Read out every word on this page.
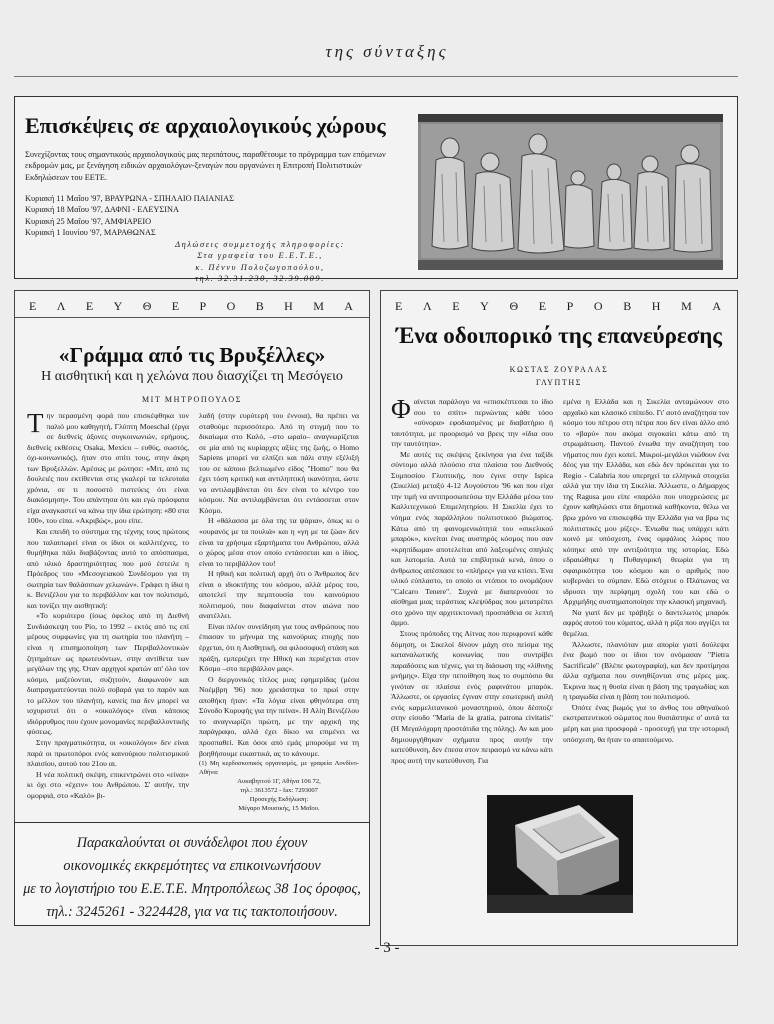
της σύνταξης
Επισκέψεις σε αρχαιολογικούς χώρους

Συνεχίζοντας τους σημαντικούς αρχαιολογικούς μας περιπάτους, παραθέτουμε το πρόγραμμα των επόμενων εκδρομών μας, με ξενάγηση ειδικών αρχαιολόγων-ξεναγών που οργανώνει η Επιτροπή Πολιτιστικών Εκδηλώσεων του ΕΕΤΕ.

Κυριακή 11 Μαΐου '97, ΒΡΑΥΡΩΝΑ - ΣΠΗΛΑΙΟ ΠΑΙΑΝΙΑΣ
Κυριακή 18 Μαΐου '97, ΔΑΦΝΙ - ΕΛΕΥΣΙΝΑ
Κυριακή 25 Μαΐου '97, ΑΜΦΙΑΡΕΙΟ
Κυριακή 1 Ιουνίου '97, ΜΑΡΑΘΩΝΑΣ
Δηλώσεις συμμετοχής πληροφορίες:
Στα γραφεία του Ε.Ε.Τ.Ε.,
κ. Πέννυ Πολυζωγοπούλου,
τηλ. 32.31.230, 32.39.009.
Ε Λ Ε Υ Θ Ε Ρ Ο Β Η Μ Α
«Γράμμα από τις Βρυξέλλες»
Η αισθητική και η χελώνα που διασχίζει τη Μεσόγειο
ΜΙΤ ΜΗΤΡΟΠΟΥΛΟΣ

Την περασμένη φορά που επισκέφθηκα τον παλιό μου καθηγητή, Γλύπτη Moeschal (έργα σε διεθνείς άξονες συγκοινωνιών, ερήμους, διεθνείς εκθέσεις Osaka, Mexico – ευθύς, σωστός, όχι-κοινωνικός), ήταν στο σπίτι τους, στην άκρη των Βρυξελλών. Αμέσως με ρώτησε: «Μιτ, από τις δουλειές που εκτίθενται στις γκαλερί τα τελευταία χρόνια, σε τι ποσοστό πιστεύεις ότι είναι διακόσμηση». Του απάντησα ότι και εγώ πρόσφατα είχα αναγκαστεί να κάνω την ίδια ερώτηση: «80 στα 100», του είπα. «Ακριβώς», μου είπε.

Και επειδή το σύστημα της τέχνης τους πρώτους που ταλαιπωρεί είναι οι ίδιοι οι καλλιτέχνες, το θυμήθηκα πάλι διαβάζοντας αυτό το απόσπασμα, από υλικό δραστηριότητας που μού έστειλε η Πρόεδρος του «Μεσογειακού Συνδέσμου για τη σωτηρία των θαλάσσιων χελωνών». Γράφει η ίδια η κ. Βενιζέλου για το περιβάλλον και τον πολιτισμό, και τονίζει την αισθητική:

«Το κυριότερο (ίσως όφελος από τη Διεθνή Συνδιάσκεψη του Ρίο, το 1992 – εκτός από τις επί μέρους συμφωνίες για τη σωτηρία του πλανήτη – είναι η επισημοποίηση των Περιβαλλοντικών ζητημάτων ως πρωτευόντων, στην αντίθετα των μεγάλων της γης. Όταν αρχηγοί κρατών απ' όλο τον κόσμο, μαζεύονται, συζητούν, διαφωνούν και διαπραγματεύονται πολύ σοβαρά για το παρόν και το μέλλον του πλανήτη, κανείς πια δεν μπορεί να ισχυριστεί ότι ο «οικολόγος» είναι κάποιος ιδιόρρυθμος που έχουν μονομανίες περιβαλλοντικής φύσεως.

Στην πραγματικότητα, οι «οικολόγοι» δεν είναι παρά οι πρωτοπόροι ενός καινούριου πολιτισμικού πλαισίου, αυτού του 21ου αι.

Η νέα πολιτική σκέψη, επικεντρώνει στο «είναι» κι όχι στο «έχειν» του Ανθρώπου. Σ' αυτήν, την ομορφιά, στο «Καλό» βι-

λαδή (στην ευρύτερή του έννοια), θα πρέπει να σταθούμε περισσότερο. Από τη στιγμή που το δικαίωμα στο Καλό, –στο ωραίο– αναγνωρίζεται σε μία από τις κυρίαρχες αξίες της ζωής, ο Homo Sapiens μπορεί να ελπίζει και πάλι στην εξέλιξή του σε κάποιο βελτιωμένο είδος "Homo" που θα έχει τόση κριτική και αντιληπτική ικανότητα, ώστε να αντιλαμβάνεται ότι δεν είναι το κέντρο του κόσμου. Να αντιλαμβάνεται ότι εντάσσεται στον Κόσμο.

Η «θάλασσα με όλα της τα ψάρια», όπως κι ο «ουρανός με τα πουλιά» και η «γη με τα ζώα» δεν είναι τα χρήσιμα εξαρτήματα του Ανθρώπου, αλλά ο χώρος μέσα στον οποίο εντάσσεται και ο ίδιος, είναι το περιβάλλον του!

Η ηθική και πολιτική αρχή ότι ο Άνθρωπος δεν είναι ο ιδιοκτήτης του κόσμου, αλλά μέρος του, αποτελεί την πεμπτουσία του καινούριου πολιτισμού, που διαφαίνεται στον αιώνα που ανατέλλει.

Είναι πλέον συνείδηση για τους ανθρώπους που έπιασαν το μήνυμα της καινούριας εποχής που έρχεται, ότι η Αισθητική, σα φιλοσοφική στάση και πράξη, εμπεριέχει την Ηθική και περιέχεται στον Κόσμο –στο περιβάλλον μας».

Ο διεργονικός τίτλος μιας εφημερίδας (μέσα Νοέμβρη '96) που χρειάστηκα το πρωί στην αποθήκη ήταν: «Τα λόγια είναι φθηνότερα στη Σύνοδο Κορυφής για την πείνα». Η Αλίη Βενιζέλου το αναγνωρίζει πρώτη, με την αρχική της παράγραφο, αλλά έχει δίκιο να επιμένει να προσπαθεί. Και όσοι από εμάς μπορούμε να τη βοηθήσουμε εικαστικά, ας το κάνουμε.

(1) Μη κερδοσκοπικός οργανισμός, με γραφεία Λονδίνο-Αθήνα:

Αυκαβηττού 1Γ, Αθήνα 106 72,

τηλ.: 3613572 - fax: 7293007

Προσεχής Εκδήλωση:

Μέγαρο Μουσικής, 15 Μαΐου.

Ε Λ Ε Υ Θ Ε Ρ Ο Β Η Μ Α
Ένα οδοιπορικό της επανεύρεσης
ΚΩΣΤΑΣ ΖΟΥΡΑΛΑΣ
ΓΛΥΠΤΗΣ

Φαίνεται παράλογο να «επισκέπτεσαι το ίδιο σου το σπίτι» περνώντας κάθε τόσο «σύνορα» εφοδιασμένος με διαβατήριο ή ταυτότητα, με προορισμό να βρεις την «ίδια σου την ταυτότητα».

Με αυτές τις σκέψεις ξεκίνησα για ένα ταξίδι σύντομο αλλά πλούσιο στα πλαίσια του Διεθνούς Συμποσίου Γλυπτικής, που έγινε στην Ispica (Σικελία) μεταξύ 4-12 Αυγούστου '96 και που είχα την τιμή να αντιπροσωπεύσω την Ελλάδα μέσω του Καλλιτεχνικού Επιμελητηρίου. Η Σικελία έχει το νόημα ενός παράλληλου πολιτιστικού βιώματος. Κάτω από τη φαινομενικότητά του «σικελικού μπαρόκ», κινείται ένας αυστηρός κόσμος που σαν «κρηπίδωμα» αποτελείται από λαξευμένες σπηλιές και λατομεία. Αυτά τα επιβλητικά κενά, όπου ο άνθρωπος απέσπασε το «πλήρες» για να κτίσει. Ένα υλικό εύπλαστο, το οποίο οι ντόπιοι το ονομάζουν "Calcaro Tenere". Συχνά με διαπερνούσε το αίσθημα μιας τεράστιας κλεψύδρας που μετατρέπει στο χρόνο την αρχιτεκτονική προσπάθεια σε λεπτή άμμο.

Στους πρόποδες της Αίτνας που περιφρονεί κάθε δόμηση, οι Σικελοί δίνουν μάχη στο πείσμα της καταναλωτικής κοινωνίας που συντρίβει παραδόσεις και τέχνες, για τη διάσωση της «λίθινης μνήμης». Είχα την πεποίθηση πως το συμπόσιο θα γινόταν σε πλαίσια ενός ραφινάτου μπαρόκ. Άλλωστε, οι εργασίες έγιναν στην εσωτερική αυλή ενός καρμελιτανικού μοναστηριού, όπου δέσποζε στην είσοδο "Maria de la gratia, patrona civitatis" (Η Μεγαλόχαρη προστάτιδα της πόλης). Αν και μου δημιουργήθηκαν σχήματα προς αυτήν την κατεύθυνση, δεν έπεσα στον πειρασμό να κάνω κάτι προς αυτή την κατεύθυνση. Για

εμένα η Ελλάδα και η Σικελία ανταμώνουν στο αρχαϊκό και κλασικό επίπεδο. Γι' αυτό αναζήτησα τον κόσμο του πέτρου στη πέτρα που δεν είναι άλλο από το «βαρύ» που ακόμα σιγοκαίει κάτω από τη στρωμάτωση. Παντού ένιωθα την αναζήτηση του νήματος που έχει κοπεί. Μικροί-μεγάλοι νιώθουν ένα δέος για την Ελλάδα, και εδώ δεν πρόκειται για το Regio - Calabria που υπερηχεί τα ελληνικά στοιχεία αλλά για την ίδια τη Σικελία. Άλλωστε, ο Δήμαρχος της Ragusa μου είπε «παρόλο που υποχρεώσεις με έχουν καθηλώσει στα δημοτικά καθήκοντα, θέλω να βρω χρόνο να επισκεφθώ την Ελλάδα για να βρω τις πολιτιστικές μου ρίζες». Ένιωθα πως υπάρχει κάτι κοινό με υπόσχεση, ένας ομφάλιος λώρος που κόπηκε από την αντιξοότητα της ιστορίας. Εδώ εδραιώθηκε η Πυθαγορική θεωρία για τη σφαιρικότητα του κόσμου και ο αριθμός που κυβερνάει το σύμπαν. Εδώ στόχευε ο Πλάτωνας να ιδρυσει την περίφημη σχολή του και εδώ ο Αρχιμήδης συστηματοποίησε την κλασική μηχανική.

Να γιατί δεν με τράβηξε ο δαντελωτός μπαρόκ αφρός αυτού του κύματος, αλλά η ρίζα που αγγίζει τα θεμέλια.

Άλλωστε, πλανιόταν μια απορία γιατί δούλεψα ένα βωμό που οι ίδιοι τον ονόμασαν "Pietra Sacrificale" (Βλέπε φωτογραφία), και δεν προτίμησα άλλα σχήματα που συνηθίζονται στις μέρες μας. Έκρινα πως η θυσία είναι η βάση της τραγωδίας και η τραγωδία είναι η βάση του πολιτισμού.

Όπότε ένας βωμός για το άνθος του αθηναϊκού εκστρατευτικού σώματος που θυσιάστηκε σ' αυτά τα μέρη και μια προσφορά - προσευχή για την ιστορική υπόσχεση, θα ήταν το απαιτούμενο.

Παρακαλούνται οι συνάδελφοι που έχουν
οικονομικές εκκρεμότητες να επικοινωνήσουν
με το λογιστήριο του Ε.Ε.Τ.Ε. Μητροπόλεως 38 1ος όροφος,
τηλ.: 3245261 - 3224428, για να τις τακτοποιήσουν.
- 3 -
